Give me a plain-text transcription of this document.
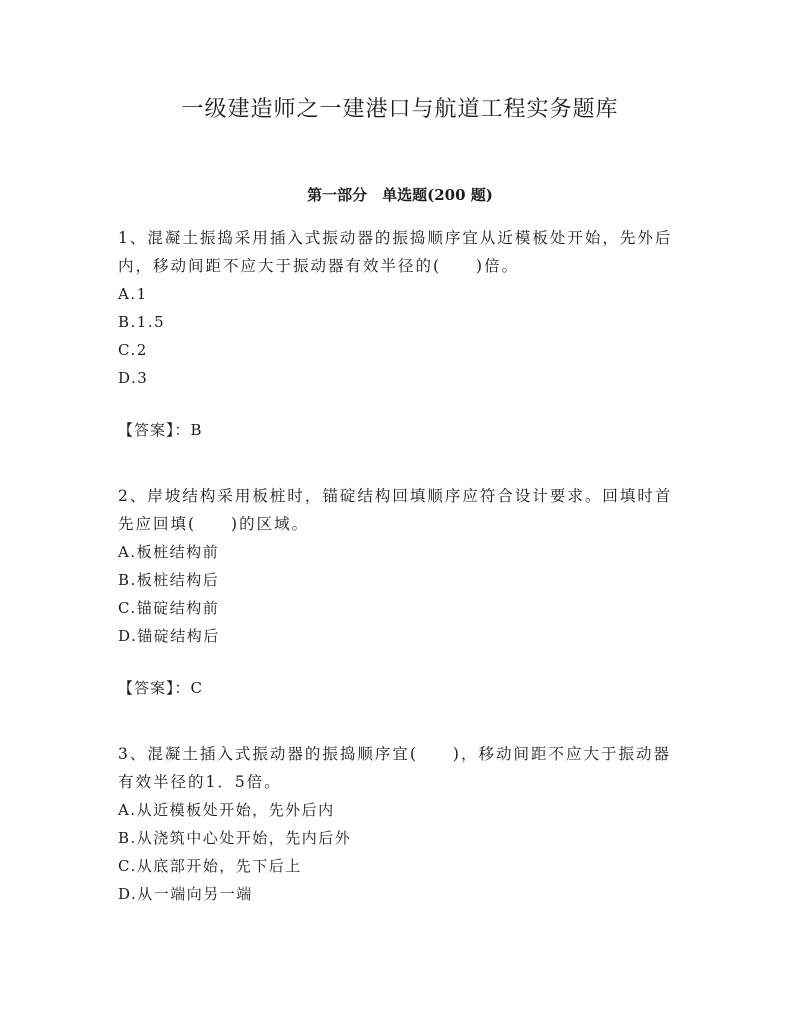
一级建造师之一建港口与航道工程实务题库
第一部分　单选题(200 题)

1、混凝土振捣采用插入式振动器的振捣顺序宜从近模板处开始，先外后内，移动间距不应大于振动器有效半径的(　　)倍。

A.1
B.1.5
C.2
D.3
【答案】：B

2、岸坡结构采用板桩时，锚碇结构回填顺序应符合设计要求。回填时首先应回填(　　)的区域。

A.板桩结构前
B.板桩结构后
C.锚碇结构前
D.锚碇结构后
【答案】：C

3、混凝土插入式振动器的振捣顺序宜(　　)，移动间距不应大于振动器有效半径的1．5倍。

A.从近模板处开始，先外后内
B.从浇筑中心处开始，先内后外
C.从底部开始，先下后上
D.从一端向另一端
